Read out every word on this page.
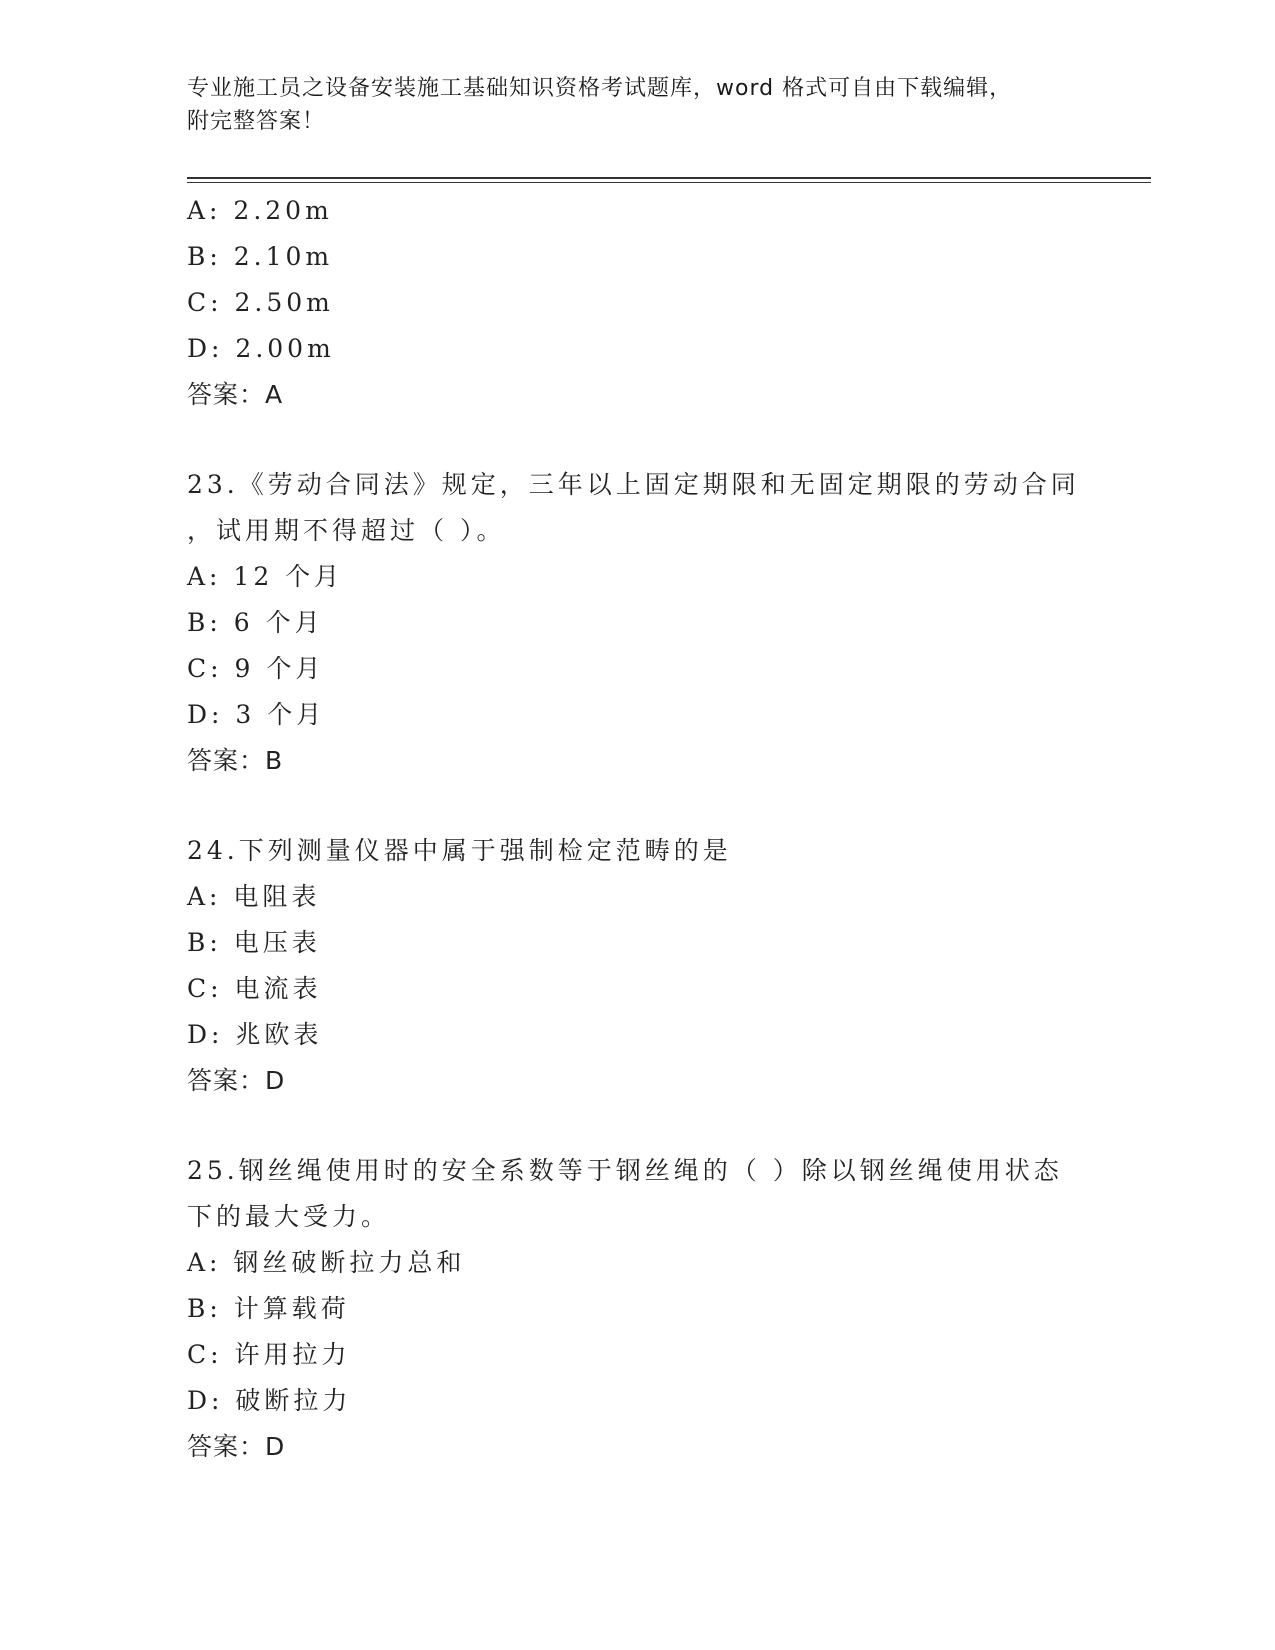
专业施工员之设备安装施工基础知识资格考试题库，word 格式可自由下载编辑，
附完整答案！
A: 2.20m
B: 2.10m
C: 2.50m
D: 2.00m
答案：A
23.《劳动合同法》规定，三年以上固定期限和无固定期限的劳动合同
，试用期不得超过（ ）。
A: 12 个月
B: 6 个月
C: 9 个月
D: 3 个月
答案：B
24.下列测量仪器中属于强制检定范畴的是
A: 电阻表
B: 电压表
C: 电流表
D: 兆欧表
答案：D
25.钢丝绳使用时的安全系数等于钢丝绳的（ ）除以钢丝绳使用状态
下的最大受力。
A: 钢丝破断拉力总和
B: 计算载荷
C: 许用拉力
D: 破断拉力
答案：D
